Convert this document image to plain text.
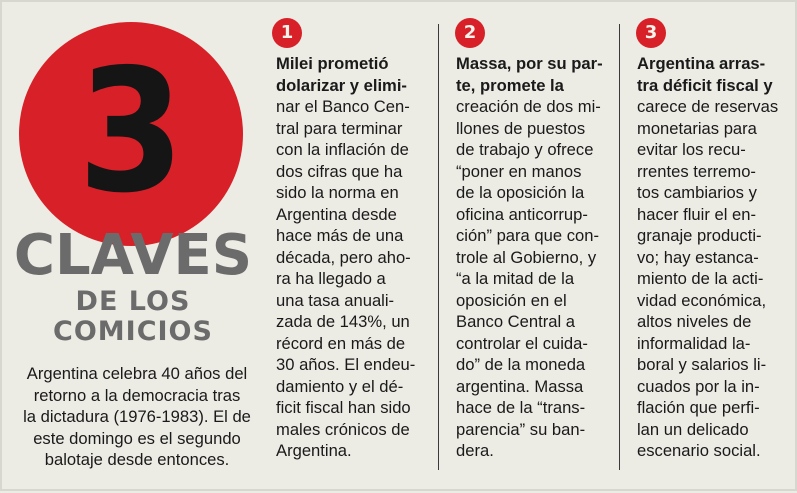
3
CLAVES
DE LOS
COMICIOS
Argentina celebra 40 años del
retorno a la democracia tras
la dictadura (1976-1983). El de
este domingo es el segundo
balotaje desde entonces.
1
Milei prometió
dolarizar y elimi-
nar el Banco Cen-
tral para terminar
con la inflación de
dos cifras que ha
sido la norma en
Argentina desde
hace más de una
década, pero aho-
ra ha llegado a
una tasa anuali-
zada de 143%, un
récord en más de
30 años. El endeu-
damiento y el dé-
ficit fiscal han sido
males crónicos de
Argentina.
2
Massa, por su par-
te, promete la
creación de dos mi-
llones de puestos
de trabajo y ofrece
“poner en manos
de la oposición la
oficina anticorrup-
ción” para que con-
trole al Gobierno, y
“a la mitad de la
oposición en el
Banco Central a
controlar el cuida-
do” de la moneda
argentina. Massa
hace de la “trans-
parencia” su ban-
dera.
3
Argentina arras-
tra déficit fiscal y
carece de reservas
monetarias para
evitar los recu-
rrentes terremo-
tos cambiarios y
hacer fluir el en-
granaje producti-
vo; hay estanca-
miento de la acti-
vidad económica,
altos niveles de
informalidad la-
boral y salarios li-
cuados por la in-
flación que perfi-
lan un delicado
escenario social.
